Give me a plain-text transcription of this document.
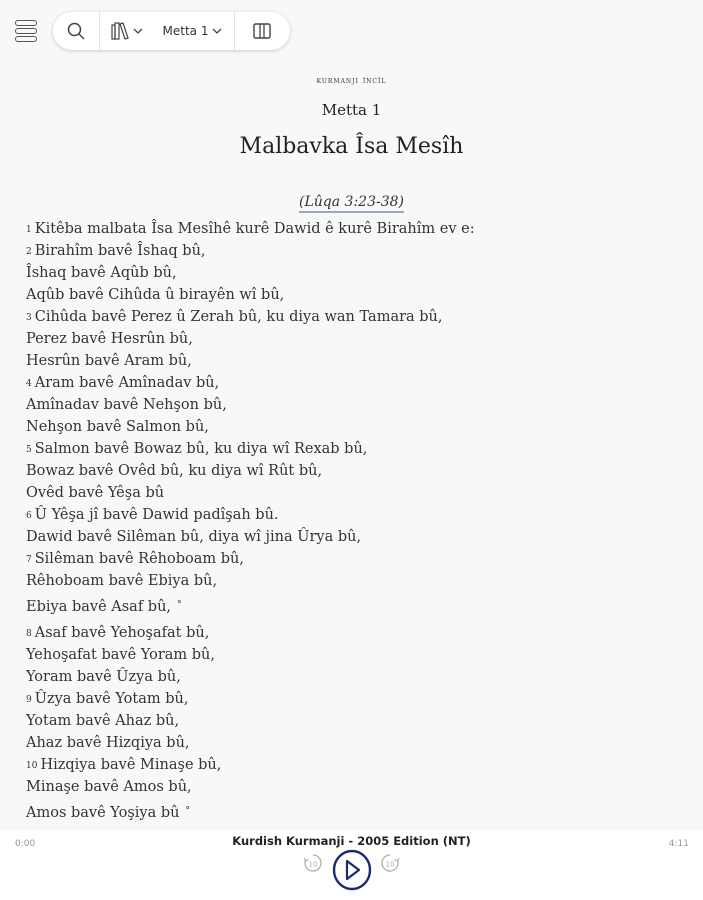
Metta 1
kurmanji încîl
Metta 1
Malbavka Îsa Mesîh
(Lûqa 3:23-38)
$^1$ Kitêba malbata Îsa Mesîhê kurê Dawid ê kurê Birahîm ev e:
$^2$ Birahîm bavê Îshaq bû,
Îshaq bavê Aqûb bû,
Aqûb bavê Cihûda û birayên wî bû,
$^3$ Cihûda bavê Perez û Zerah bû, ku diya wan Tamara bû,
Perez bavê Hesrûn bû,
Hesrûn bavê Aram bû,
$^4$ Aram bavê Amînadav bû,
Amînadav bavê Nehşon bû,
Nehşon bavê Salmon bû,
$^5$ Salmon bavê Bowaz bû, ku diya wî Rexab bû,
Bowaz bavê Ovêd bû, ku diya wî Rût bû,
Ovêd bavê Yêşa bû
$^6$ Û Yêşa jî bavê Dawid padîşah bû.
Dawid bavê Silêman bû, diya wî jina Ûrya bû,
$^7$ Silêman bavê Rêhoboam bû,
Rêhoboam bavê Ebiya bû,
Ebiya bavê Asaf bû, °
$^8$ Asaf bavê Yehoşafat bû,
Yehoşafat bavê Yoram bû,
Yoram bavê Ûzya bû,
$^9$ Ûzya bavê Yotam bû,
Yotam bavê Ahaz bû,
Ahaz bavê Hizqiya bû,
$^{10}$ Hizqiya bavê Minaşe bû,
Minaşe bavê Amos bû,
Amos bavê Yoşiya bû °
0:00	4:11
Kurdish Kurmanji - 2005 Edition (NT)
10	10
